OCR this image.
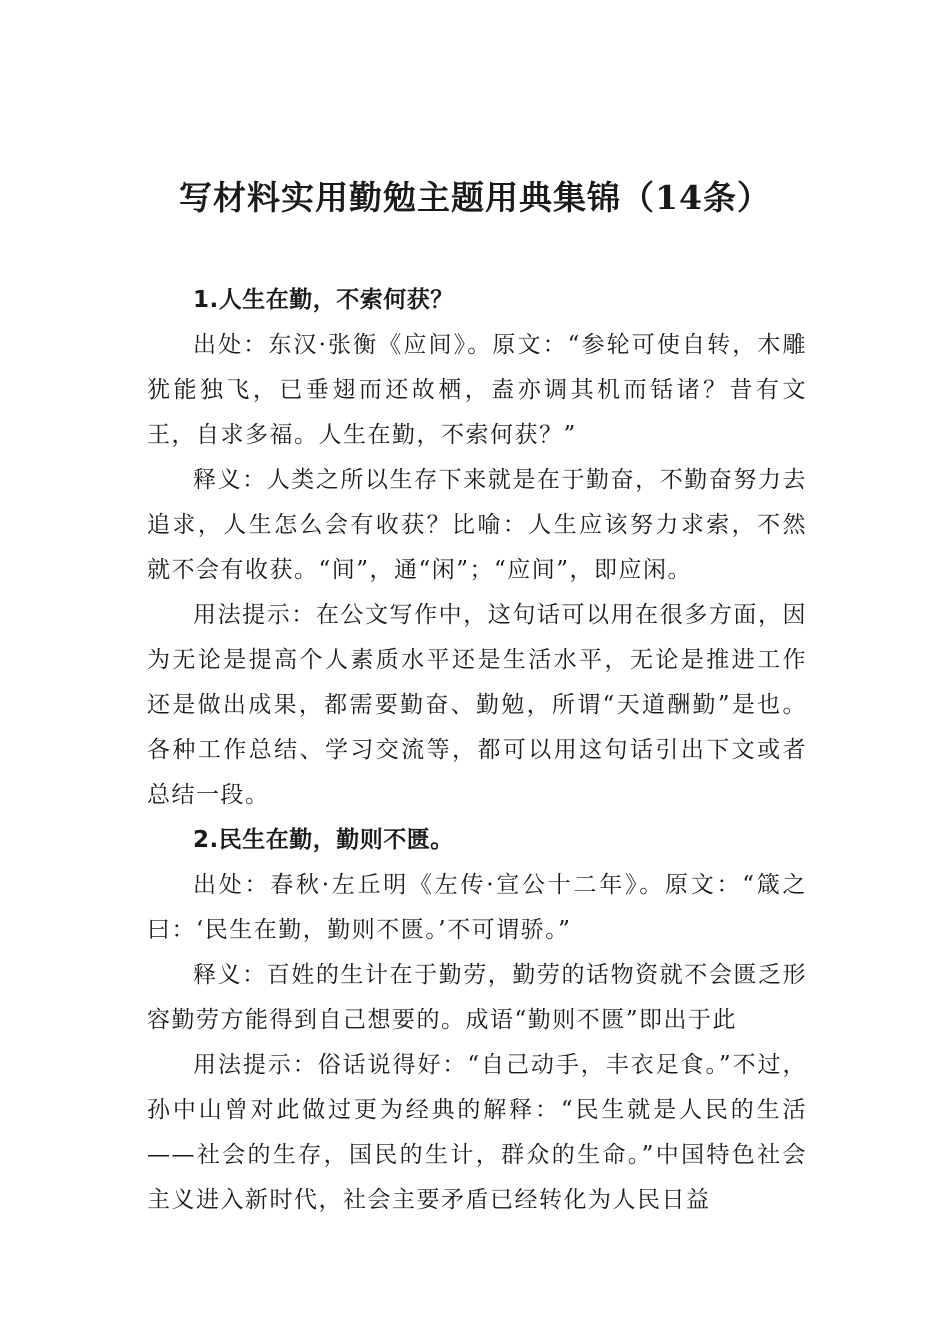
写材料实用勤勉主题用典集锦（14条）
1.人生在勤，不索何获？

出处：东汉·张衡《应间》。原文：“参轮可使自转，木雕犹能独飞，已垂翅而还故栖，盍亦调其机而铦诸？昔有文王，自求多福。人生在勤，不索何获？”

释义：人类之所以生存下来就是在于勤奋，不勤奋努力去追求，人生怎么会有收获？比喻：人生应该努力求索，不然就不会有收获。“间”，通“闲”；“应间”，即应闲。

用法提示：在公文写作中，这句话可以用在很多方面，因为无论是提高个人素质水平还是生活水平，无论是推进工作还是做出成果，都需要勤奋、勤勉，所谓“天道酬勤”是也。各种工作总结、学习交流等，都可以用这句话引出下文或者总结一段。

2.民生在勤，勤则不匮。

出处：春秋·左丘明《左传·宣公十二年》。原文：“箴之曰：‘民生在勤，勤则不匮。’不可谓骄。”

释义：百姓的生计在于勤劳，勤劳的话物资就不会匮乏形容勤劳方能得到自己想要的。成语“勤则不匮”即出于此

用法提示：俗话说得好：“自己动手，丰衣足食。”不过，孙中山曾对此做过更为经典的解释：“民生就是人民的生活——社会的生存，国民的生计，群众的生命。”中国特色社会主义进入新时代，社会主要矛盾已经转化为人民日益
